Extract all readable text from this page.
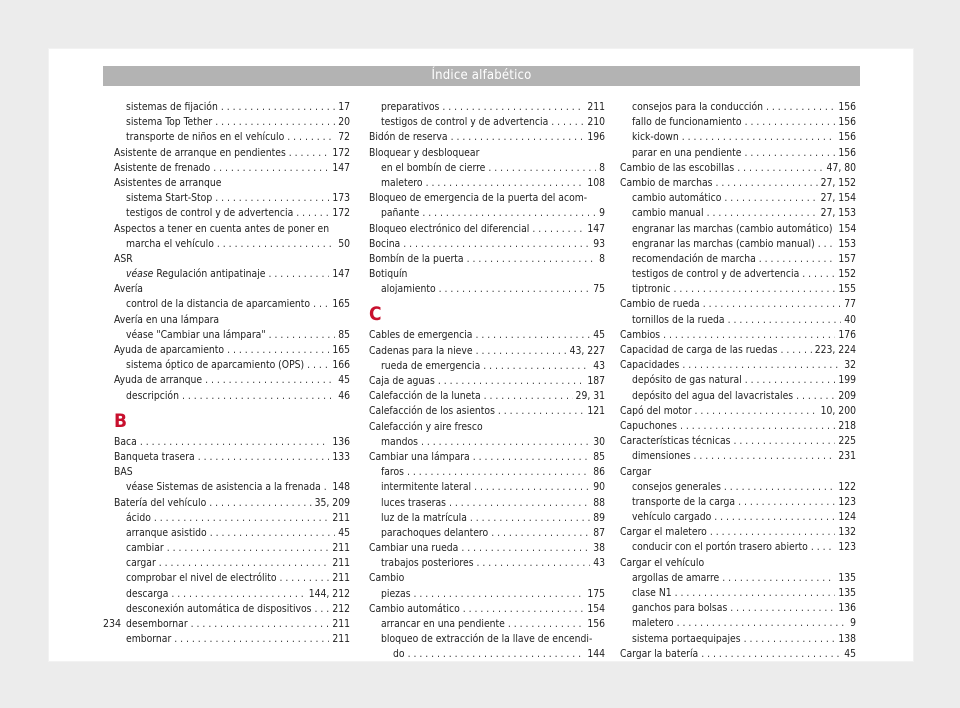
Índice alfabético
sistemas de fijación . . .	17
sistema Top Tether . . .	20
transporte de niños en el vehículo . . .	72
Asistente de arranque en pendientes . . .	172
Asistente de frenado . . .	147
Asistentes de arranque
sistema Start-Stop . . .	173
testigos de control y de advertencia . . .	172
Aspectos a tener en cuenta antes de poner en
marcha el vehículo . . .	50
ASR
véase Regulación antipatinaje . . .	147
Avería
control de la distancia de aparcamiento . . . 165
Avería en una lámpara
véase "Cambiar una lámpara" . . .	85
Ayuda de aparcamiento . . .	165
sistema óptico de aparcamiento (OPS) . . .	166
Ayuda de arranque . . .	45
descripción . . .	46
B
Baca . . .	136
Banqueta trasera . . .	133
BAS
véase Sistemas de asistencia a la frenada . . . 148
Batería del vehículo . . .	35, 209
ácido . . .	211
arranque asistido . . .	45
cambiar . . .	211
cargar . . .	211
comprobar el nivel de electrólito . . .	211
descarga . . .	144, 212
desconexión automática de dispositivos . . . 212
desembornar . . .	211
embornar . . .	211
preparativos . . .	211
testigos de control y de advertencia . . .	210
Bidón de reserva . . .	196
Bloquear y desbloquear
en el bombín de cierre . . .	8
maletero . . .	108
Bloqueo de emergencia de la puerta del acom-
pañante . . .	9
Bloqueo electrónico del diferencial . . .	147
Bocina . . .	93
Bombín de la puerta . . .	8
Botiquín
alojamiento . . .	75
C
Cables de emergencia . . .	45
Cadenas para la nieve . . .	43, 227
rueda de emergencia . . .	43
Caja de aguas . . .	187
Calefacción de la luneta . . .	29, 31
Calefacción de los asientos . . .	121
Calefacción y aire fresco
mandos . . .	30
Cambiar una lámpara . . .	85
faros . . .	86
intermitente lateral . . .	90
luces traseras . . .	88
luz de la matrícula . . .	89
parachoques delantero . . .	87
Cambiar una rueda . . .	38
trabajos posteriores . . .	43
Cambio
piezas . . .	175
Cambio automático . . .	154
arrancar en una pendiente . . .	156
bloqueo de extracción de la llave de encendi-
do . . .	144
consejos para la conducción . . .	156
fallo de funcionamiento . . .	156
kick-down . . .	156
parar en una pendiente . . .	156
Cambio de las escobillas . . .	47, 80
Cambio de marchas . . .	27, 152
cambio automático . . .	27, 154
cambio manual . . .	27, 153
engranar las marchas (cambio automático) 154
engranar las marchas (cambio manual) . . . 153
recomendación de marcha . . .	157
testigos de control y de advertencia . . .	152
tiptronic . . .	155
Cambio de rueda . . .	77
tornillos de la rueda . . .	40
Cambios . . .	176
Capacidad de carga de las ruedas . . .	223, 224
Capacidades . . .	32
depósito de gas natural . . .	199
depósito del agua del lavacristales . . .	209
Capó del motor . . .	10, 200
Capuchones . . .	218
Características técnicas . . .	225
dimensiones . . .	231
Cargar
consejos generales . . .	122
transporte de la carga . . .	123
vehículo cargado . . .	124
Cargar el maletero . . .	132
conducir con el portón trasero abierto . . .	123
Cargar el vehículo
argollas de amarre . . .	135
clase N1 . . .	135
ganchos para bolsas . . .	136
maletero . . .	9
sistema portaequipajes . . .	138
Cargar la batería . . .	45
234
